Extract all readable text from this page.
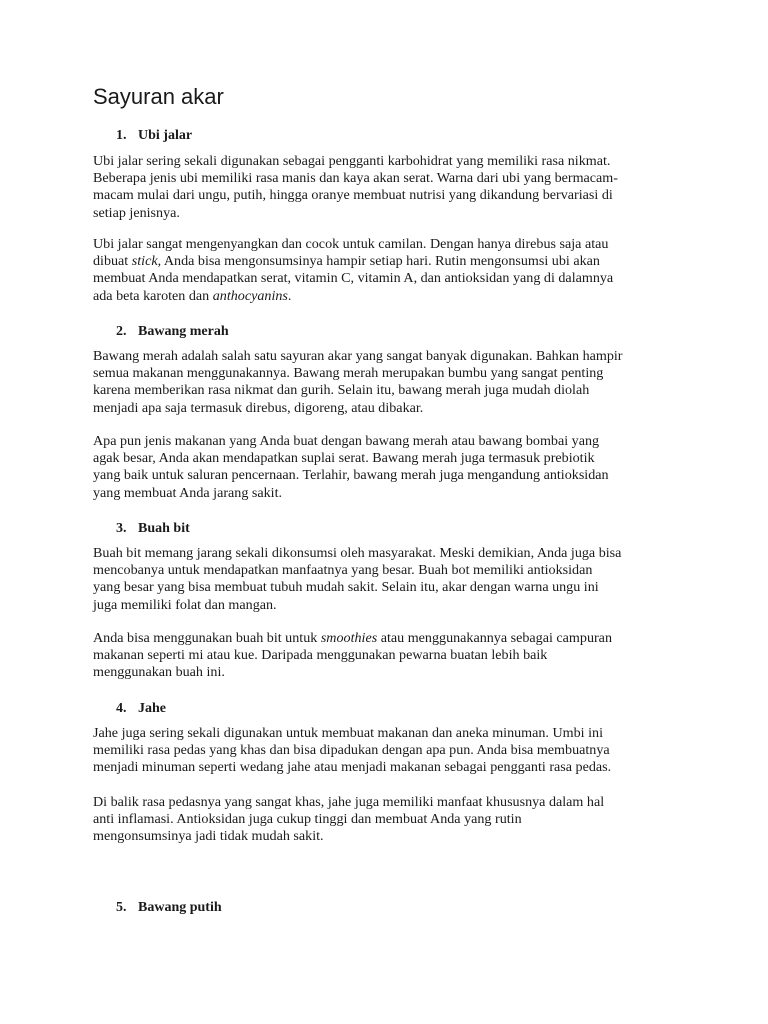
Sayuran akar
1. Ubi jalar
Ubi jalar sering sekali digunakan sebagai pengganti karbohidrat yang memiliki rasa nikmat.
Beberapa jenis ubi memiliki rasa manis dan kaya akan serat. Warna dari ubi yang bermacam-
macam mulai dari ungu, putih, hingga oranye membuat nutrisi yang dikandung bervariasi di
setiap jenisnya.
Ubi jalar sangat mengenyangkan dan cocok untuk camilan. Dengan hanya direbus saja atau
dibuat stick, Anda bisa mengonsumsinya hampir setiap hari. Rutin mengonsumsi ubi akan
membuat Anda mendapatkan serat, vitamin C, vitamin A, dan antioksidan yang di dalamnya
ada beta karoten dan anthocyanins.
2. Bawang merah
Bawang merah adalah salah satu sayuran akar yang sangat banyak digunakan. Bahkan hampir
semua makanan menggunakannya. Bawang merah merupakan bumbu yang sangat penting
karena memberikan rasa nikmat dan gurih. Selain itu, bawang merah juga mudah diolah
menjadi apa saja termasuk direbus, digoreng, atau dibakar.
Apa pun jenis makanan yang Anda buat dengan bawang merah atau bawang bombai yang
agak besar, Anda akan mendapatkan suplai serat. Bawang merah juga termasuk prebiotik
yang baik untuk saluran pencernaan. Terlahir, bawang merah juga mengandung antioksidan
yang membuat Anda jarang sakit.
3. Buah bit
Buah bit memang jarang sekali dikonsumsi oleh masyarakat. Meski demikian, Anda juga bisa
mencobanya untuk mendapatkan manfaatnya yang besar. Buah bot memiliki antioksidan
yang besar yang bisa membuat tubuh mudah sakit. Selain itu, akar dengan warna ungu ini
juga memiliki folat dan mangan.
Anda bisa menggunakan buah bit untuk smoothies atau menggunakannya sebagai campuran
makanan seperti mi atau kue. Daripada menggunakan pewarna buatan lebih baik
menggunakan buah ini.
4. Jahe
Jahe juga sering sekali digunakan untuk membuat makanan dan aneka minuman. Umbi ini
memiliki rasa pedas yang khas dan bisa dipadukan dengan apa pun. Anda bisa membuatnya
menjadi minuman seperti wedang jahe atau menjadi makanan sebagai pengganti rasa pedas.
Di balik rasa pedasnya yang sangat khas, jahe juga memiliki manfaat khususnya dalam hal
anti inflamasi. Antioksidan juga cukup tinggi dan membuat Anda yang rutin
mengonsumsinya jadi tidak mudah sakit.
5. Bawang putih
